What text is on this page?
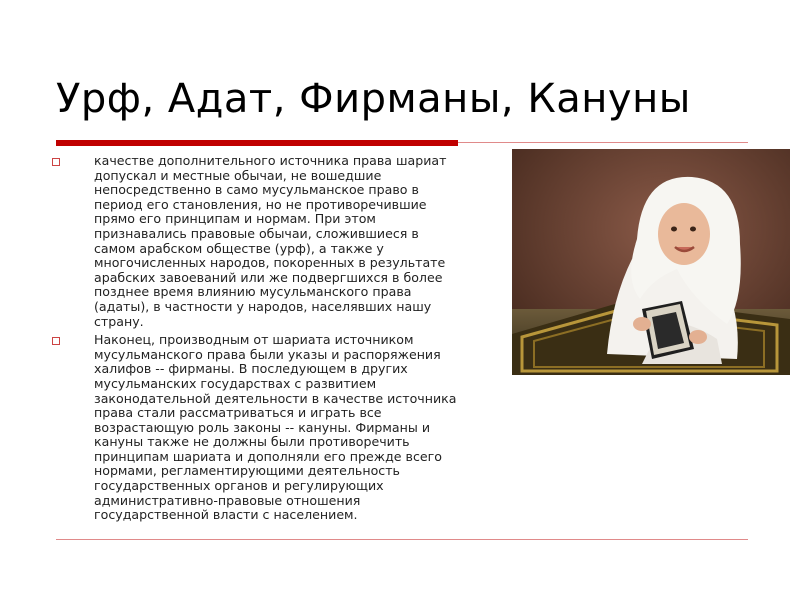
Урф, Адат, Фирманы, Кануны
качестве дополнительного источника права шариат
допускал и местные обычаи, не вошедшие
непосредственно в само мусульманское право в
период его становления, но не противоречившие
прямо его принципам и нормам. При этом
признавались правовые обычаи, сложившиеся в
самом арабском обществе (урф), а также у
многочисленных народов, покоренных в результате
арабских завоеваний или же подвергшихся в более
позднее время влиянию мусульманского права
(адаты), в частности у народов, населявших нашу
страну.
Наконец, производным от шариата источником
мусульманского права были указы и распоряжения
халифов -- фирманы. В последующем в других
мусульманских государствах с развитием
законодательной деятельности в качестве источника
права стали рассматриваться и играть все
возрастающую роль законы -- кануны. Фирманы и
кануны также не должны были противоречить
принципам шариата и дополняли его прежде всего
нормами, регламентирующими деятельность
государственных органов и регулирующих
административно-правовые отношения
государственной власти с населением.
